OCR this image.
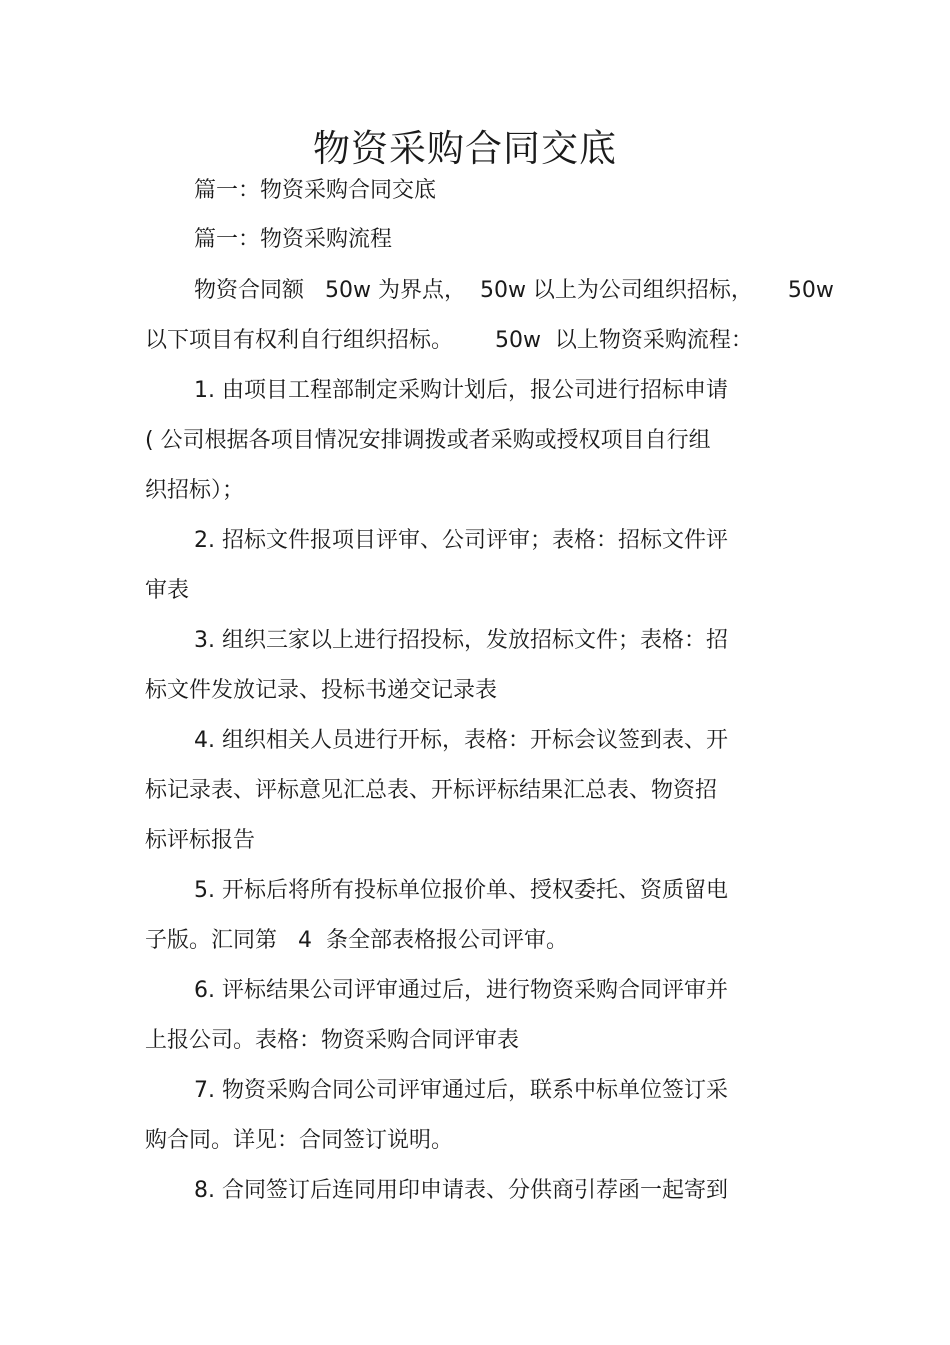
物资采购合同交底

篇一：物资采购合同交底

篇一：物资采购流程

物资合同额   50w 为界点，  50w 以上为公司组织招标，     50w

以下项目有权利自行组织招标。      50w  以上物资采购流程：

1. 由项目工程部制定采购计划后，报公司进行招标申请

( 公司根据各项目情况安排调拨或者采购或授权项目自行组

织招标）；

2. 招标文件报项目评审、公司评审；表格：招标文件评

审表

3. 组织三家以上进行招投标，发放招标文件；表格：招

标文件发放记录、投标书递交记录表

4. 组织相关人员进行开标，表格：开标会议签到表、开

标记录表、评标意见汇总表、开标评标结果汇总表、物资招

标评标报告

5. 开标后将所有投标单位报价单、授权委托、资质留电

子版。汇同第   4  条全部表格报公司评审。

6. 评标结果公司评审通过后，进行物资采购合同评审并

上报公司。表格：物资采购合同评审表

7. 物资采购合同公司评审通过后，联系中标单位签订采

购合同。详见：合同签订说明。

8. 合同签订后连同用印申请表、分供商引荐函一起寄到
